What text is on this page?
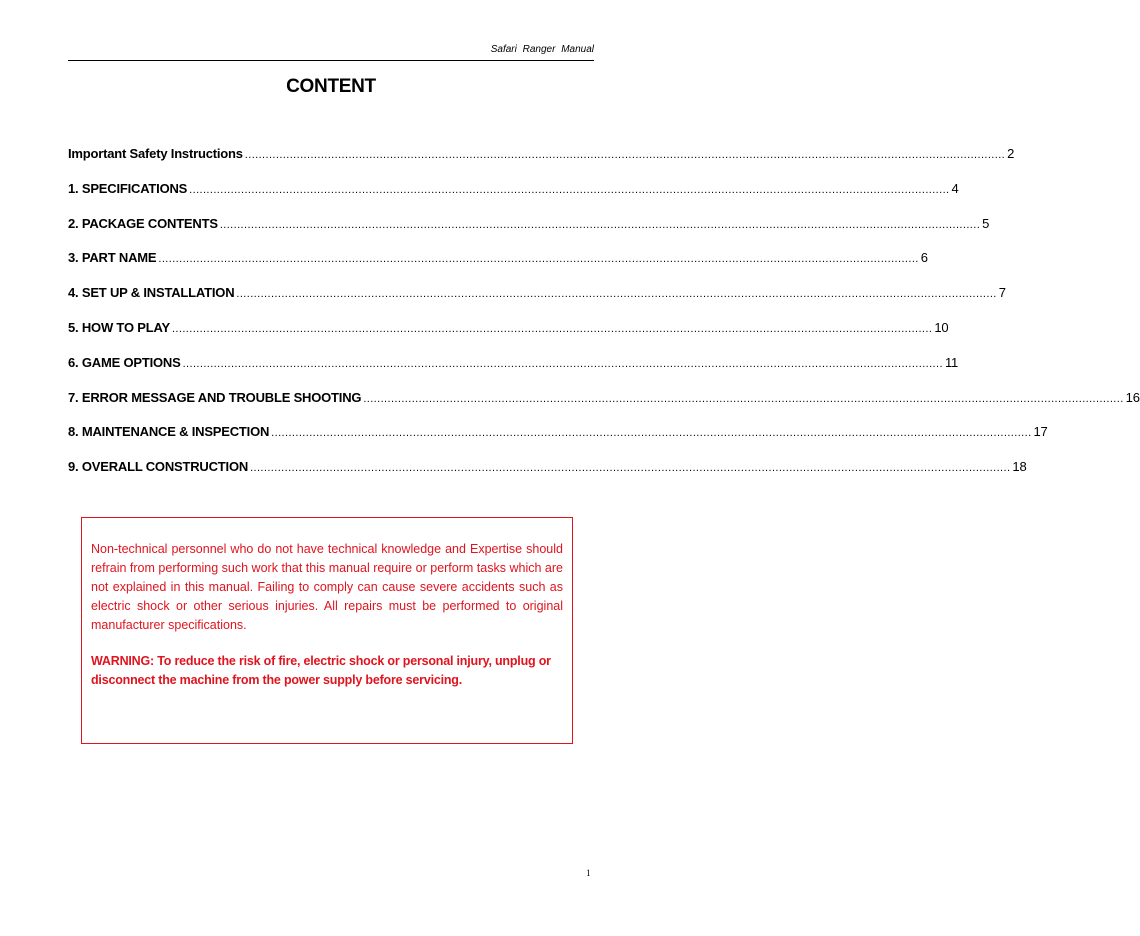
Safari Ranger Manual
CONTENT
Important Safety Instructions ............................................................................................................................................................................................................................ 2
1. SPECIFICATIONS ............................................................................................................................................................................................................................ 4
2. PACKAGE CONTENTS ............................................................................................................................................................................................................................ 5
3. PART NAME ............................................................................................................................................................................................................................ 6
4. SET UP & INSTALLATION ............................................................................................................................................................................................................................ 7
5. HOW TO PLAY ............................................................................................................................................................................................................................ 10
6. GAME OPTIONS ............................................................................................................................................................................................................................ 11
7. ERROR MESSAGE AND TROUBLE SHOOTING ............................................................................................................................................................................................................................ 16
8. MAINTENANCE & INSPECTION ............................................................................................................................................................................................................................ 17
9. OVERALL CONSTRUCTION ............................................................................................................................................................................................................................ 18

Non-technical personnel who do not have technical knowledge and Expertise should refrain from performing such work that this manual require or perform tasks which are not explained in this manual. Failing to comply can cause severe accidents such as electric shock or other serious injuries. All repairs must be performed to original manufacturer specifications.

WARNING: To reduce the risk of fire, electric shock or personal injury, unplug or disconnect the machine from the power supply before servicing.

1
